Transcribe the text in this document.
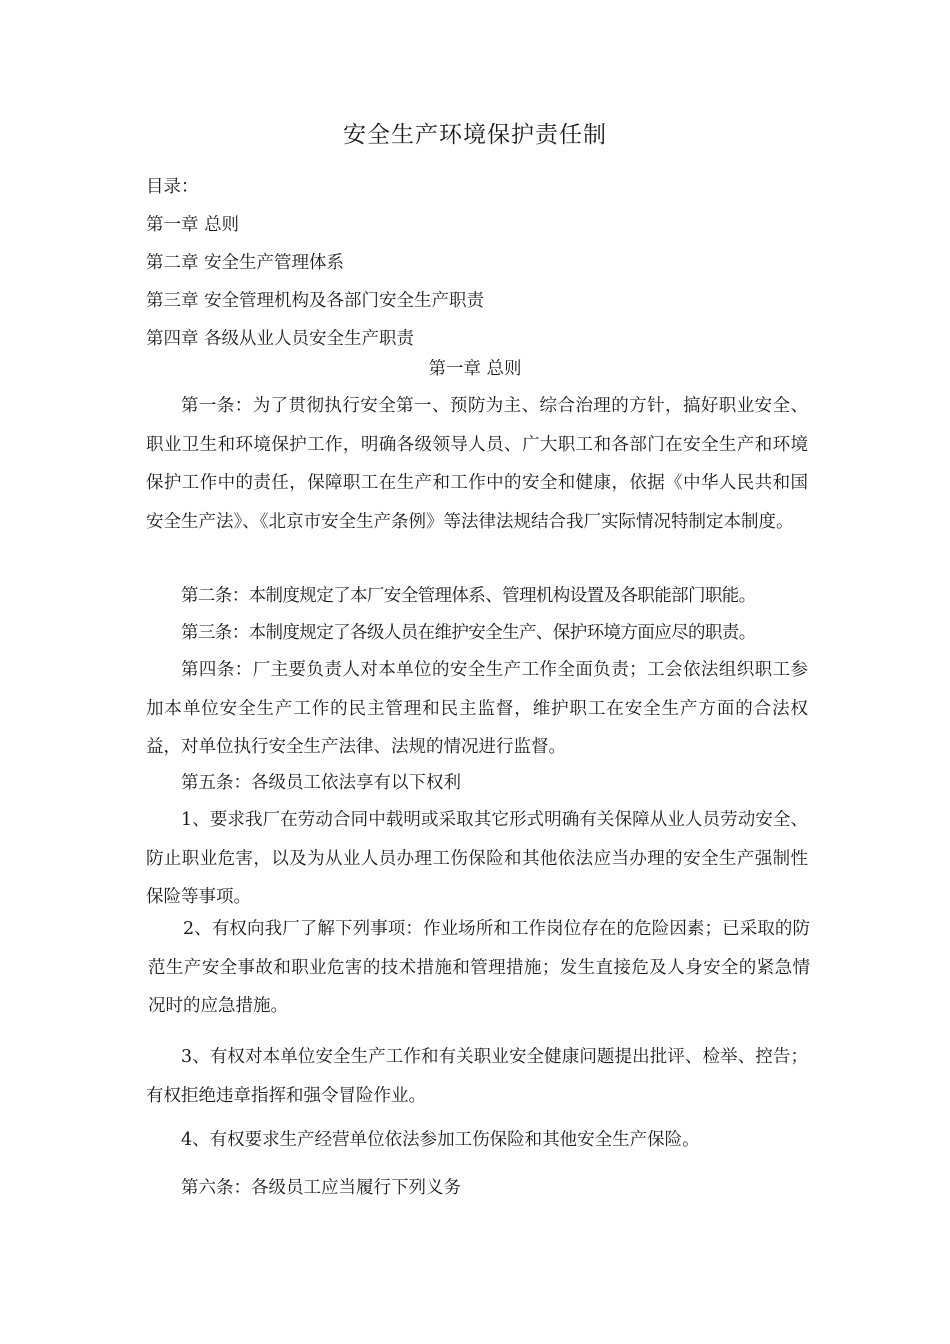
安全生产环境保护责任制
目录：
第一章 总则
第二章 安全生产管理体系
第三章 安全管理机构及各部门安全生产职责
第四章 各级从业人员安全生产职责
第一章 总则

第一条：为了贯彻执行安全第一、预防为主、综合治理的方针，搞好职业安全、职业卫生和环境保护工作，明确各级领导人员、广大职工和各部门在安全生产和环境保护工作中的责任，保障职工在生产和工作中的安全和健康，依据《中华人民共和国安全生产法》、《北京市安全生产条例》等法律法规结合我厂实际情况特制定本制度。

第二条：本制度规定了本厂安全管理体系、管理机构设置及各职能部门职能。

第三条：本制度规定了各级人员在维护安全生产、保护环境方面应尽的职责。

第四条：厂主要负责人对本单位的安全生产工作全面负责；工会依法组织职工参加本单位安全生产工作的民主管理和民主监督，维护职工在安全生产方面的合法权益，对单位执行安全生产法律、法规的情况进行监督。

第五条：各级员工依法享有以下权利

1、要求我厂在劳动合同中载明或采取其它形式明确有关保障从业人员劳动安全、防止职业危害，以及为从业人员办理工伤保险和其他依法应当办理的安全生产强制性保险等事项。

2、有权向我厂了解下列事项：作业场所和工作岗位存在的危险因素；已采取的防范生产安全事故和职业危害的技术措施和管理措施；发生直接危及人身安全的紧急情况时的应急措施。

3、有权对本单位安全生产工作和有关职业安全健康问题提出批评、检举、控告；有权拒绝违章指挥和强令冒险作业。

4、有权要求生产经营单位依法参加工伤保险和其他安全生产保险。

第六条：各级员工应当履行下列义务
